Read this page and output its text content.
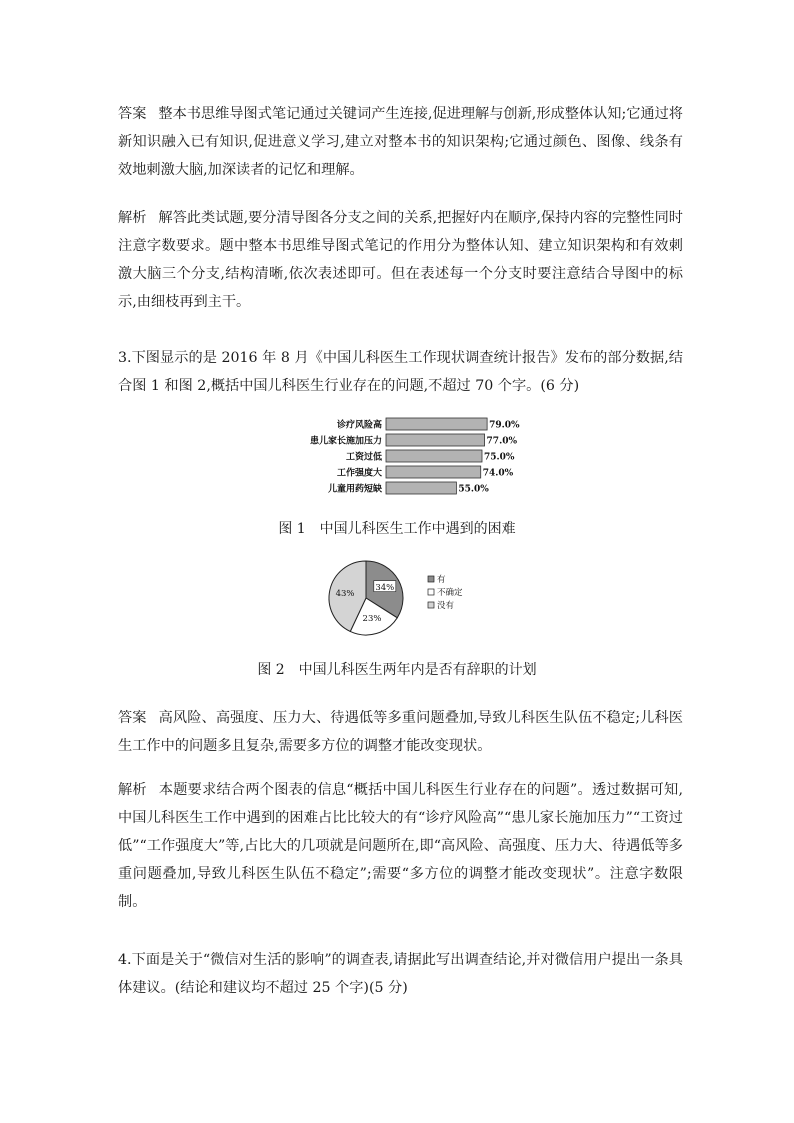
答案 整本书思维导图式笔记通过关键词产生连接,促进理解与创新,形成整体认知;它通过将新知识融入已有知识,促进意义学习,建立对整本书的知识架构;它通过颜色、图像、线条有效地刺激大脑,加深读者的记忆和理解。

解析 解答此类试题,要分清导图各分支之间的关系,把握好内在顺序,保持内容的完整性同时注意字数要求。题中整本书思维导图式笔记的作用分为整体认知、建立知识架构和有效刺激大脑三个分支,结构清晰,依次表述即可。但在表述每一个分支时要注意结合导图中的标示,由细枝再到主干。

3.下图显示的是 2016 年 8 月《中国儿科医生工作现状调查统计报告》发布的部分数据,结合图 1 和图 2,概括中国儿科医生行业存在的问题,不超过 70 个字。(6 分)

诊疗风险高	79.0%
患儿家长施加压力	77.0%
工资过低	75.0%
工作强度大	74.0%
儿童用药短缺	55.0%
图 1　中国儿科医生工作中遇到的困难
34%
23%
43%
有
不确定
没有
图 2　中国儿科医生两年内是否有辞职的计划

答案 高风险、高强度、压力大、待遇低等多重问题叠加,导致儿科医生队伍不稳定;儿科医生工作中的问题多且复杂,需要多方位的调整才能改变现状。

解析 本题要求结合两个图表的信息“概括中国儿科医生行业存在的问题”。透过数据可知,中国儿科医生工作中遇到的困难占比比较大的有“诊疗风险高”“患儿家长施加压力”“工资过低”“工作强度大”等,占比大的几项就是问题所在,即“高风险、高强度、压力大、待遇低等多重问题叠加,导致儿科医生队伍不稳定”;需要“多方位的调整才能改变现状”。注意字数限制。

4.下面是关于“微信对生活的影响”的调查表,请据此写出调查结论,并对微信用户提出一条具体建议。(结论和建议均不超过 25 个字)(5 分)
